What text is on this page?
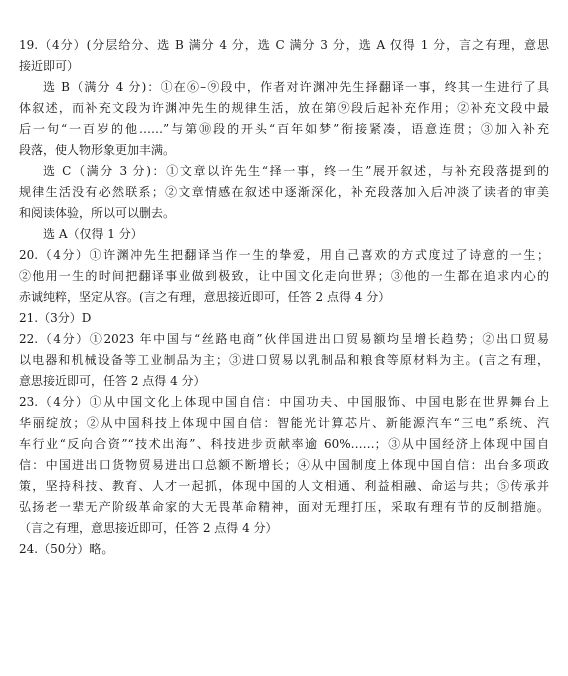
19.（4分）(分层给分、选 B 满分 4 分，选 C 满分 3 分，选 A 仅得 1 分，言之有理，意思
接近即可）
选 B（满分 4 分)：①在⑥–⑨段中，作者对许渊冲先生择翻译一事，终其一生进行了具
体叙述，而补充文段为许渊冲先生的规律生活，放在第⑨段后起补充作用；②补充文段中最
后一句“一百岁的他……”与第⑩段的开头“百年如梦”衔接紧凑，语意连贯；③加入补充
段落，使人物形象更加丰满。
选 C（满分 3 分)：①文章以许先生“择一事，终一生”展开叙述，与补充段落提到的
规律生活没有必然联系；②文章情感在叙述中逐渐深化，补充段落加入后冲淡了读者的审美
和阅读体验，所以可以删去。
选 A（仅得 1 分）
20.（4分）①许渊冲先生把翻译当作一生的挚爱，用自己喜欢的方式度过了诗意的一生；
②他用一生的时间把翻译事业做到极致，让中国文化走向世界；③他的一生都在追求内心的
赤诚纯粹，坚定从容。(言之有理，意思接近即可，任答 2 点得 4 分）
21.（3分）D
22.（4分）①2023 年中国与“丝路电商”伙伴国进出口贸易额均呈增长趋势；②出口贸易
以电器和机械设备等工业制品为主；③进口贸易以乳制品和粮食等原材料为主。(言之有理，
意思接近即可，任答 2 点得 4 分）
23.（4分）①从中国文化上体现中国自信：中国功夫、中国服饰、中国电影在世界舞台上
华丽绽放；②从中国科技上体现中国自信：智能光计算芯片、新能源汽车“三电”系统、汽
车行业“反向合资”“技术出海”、科技进步贡献率逾 60%……；③从中国经济上体现中国自
信：中国进出口货物贸易进出口总额不断增长；④从中国制度上体现中国自信：出台多项政
策，坚持科技、教育、人才一起抓，体现中国的人文相通、利益相融、命运与共；⑤传承并
弘扬老一辈无产阶级革命家的大无畏革命精神，面对无理打压，采取有理有节的反制措施。
（言之有理，意思接近即可，任答 2 点得 4 分）
24.（50分）略。
